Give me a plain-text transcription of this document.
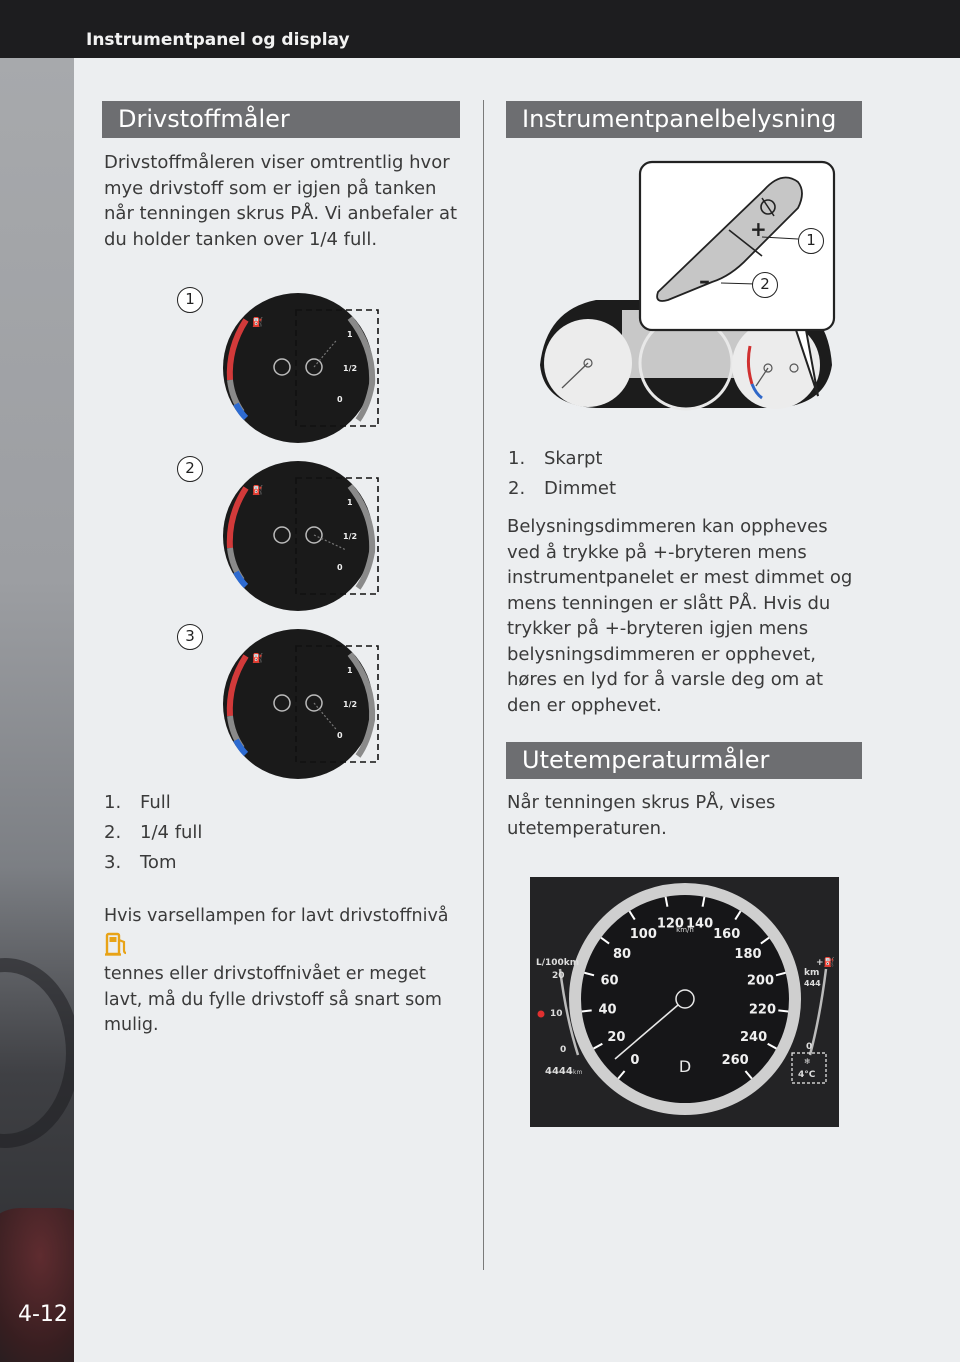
Instrumentpanel og display
4-12
Drivstoffmåler
Drivstoffmåleren viser omtrentlig hvor mye drivstoff som er igjen på tanken når tenningen skrus PÅ. Vi anbefaler at du holder tanken over 1/4 full.
1
1/2
0
⛽
1
1/2
0
⛽
1
1/2
0
⛽
1
2
3
1. Full
2. 1/4 full
3. Tom
Hvis varsellampen for lavt drivstoffnivå
tennes eller drivstoffnivået er meget lavt, må du fylle drivstoff så snart som mulig.
Instrumentpanelbelysning
+
–
1
2
1. Skarpt
2. Dimmet
Belysningsdimmeren kan oppheves ved å trykke på +-bryteren mens instrumentpanelet er mest dimmet og mens tenningen er slått PÅ. Hvis du trykker på +-bryteren igjen mens belysningsdimmeren er opphevet, høres en lyd for å varsle deg om at den er opphevet.
Utetemperaturmåler
Når tenningen skrus PÅ, vises utetemperaturen.
0
20
40
60
80
100
120 140
160
180
200
220
240
260
km/h
D
L/100km
20
10
0
4444 km
+⛽
km
444
0
❄
4°C
